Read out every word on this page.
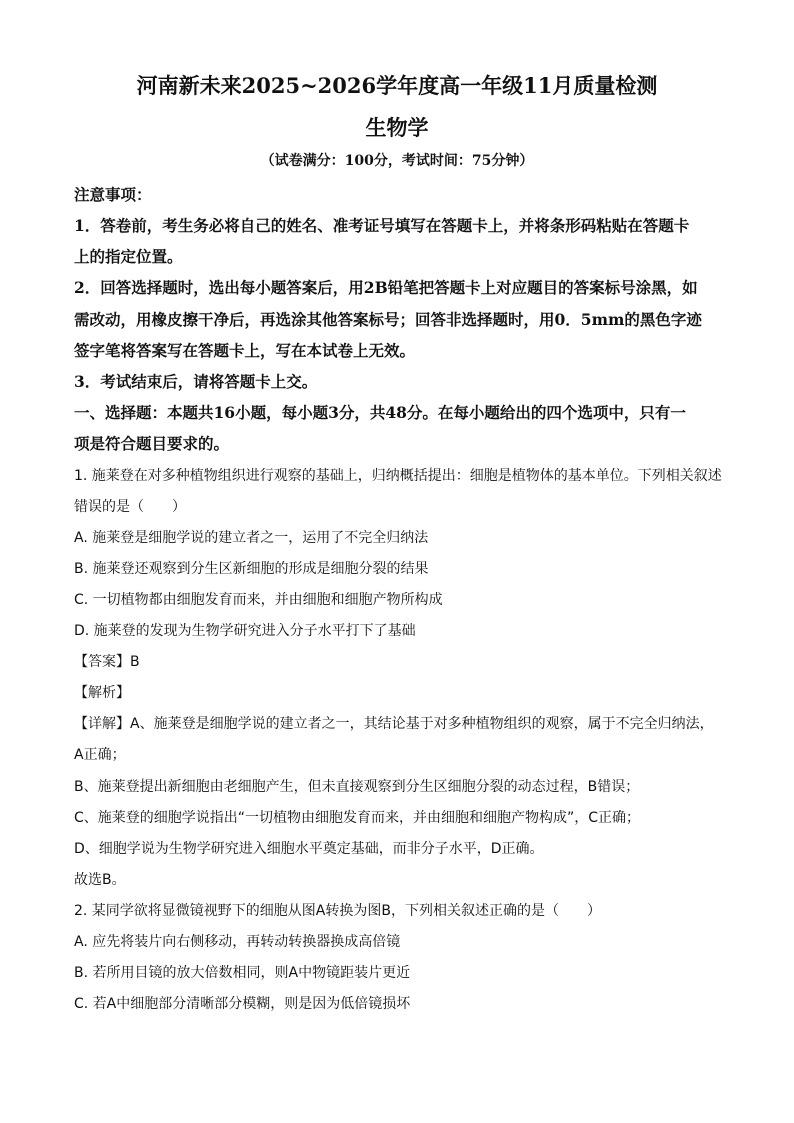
河南新未来2025~2026学年度高一年级11月质量检测
生物学
（试卷满分：100分，考试时间：75分钟）
注意事项：
1．答卷前，考生务必将自己的姓名、准考证号填写在答题卡上，并将条形码粘贴在答题卡
上的指定位置。
2．回答选择题时，选出每小题答案后，用2B铅笔把答题卡上对应题目的答案标号涂黑，如
需改动，用橡皮擦干净后，再选涂其他答案标号；回答非选择题时，用0．5mm的黑色字迹
签字笔将答案写在答题卡上，写在本试卷上无效。
3．考试结束后，请将答题卡上交。
一、选择题：本题共16小题，每小题3分，共48分。在每小题给出的四个选项中，只有一
项是符合题目要求的。
1. 施莱登在对多种植物组织进行观察的基础上，归纳概括提出：细胞是植物体的基本单位。下列相关叙述
错误的是（　　）
A. 施莱登是细胞学说的建立者之一，运用了不完全归纳法
B. 施莱登还观察到分生区新细胞的形成是细胞分裂的结果
C. 一切植物都由细胞发育而来，并由细胞和细胞产物所构成
D. 施莱登的发现为生物学研究进入分子水平打下了基础
【答案】B
【解析】
【详解】A、施莱登是细胞学说的建立者之一，其结论基于对多种植物组织的观察，属于不完全归纳法，
A正确；
B、施莱登提出新细胞由老细胞产生，但未直接观察到分生区细胞分裂的动态过程，B错误；
C、施莱登的细胞学说指出“一切植物由细胞发育而来，并由细胞和细胞产物构成”，C正确；
D、细胞学说为生物学研究进入细胞水平奠定基础，而非分子水平，D正确。
故选B。
2. 某同学欲将显微镜视野下的细胞从图A转换为图B，下列相关叙述正确的是（　　）
A. 应先将装片向右侧移动，再转动转换器换成高倍镜
B. 若所用目镜的放大倍数相同，则A中物镜距装片更近
C. 若A中细胞部分清晰部分模糊，则是因为低倍镜损坏
